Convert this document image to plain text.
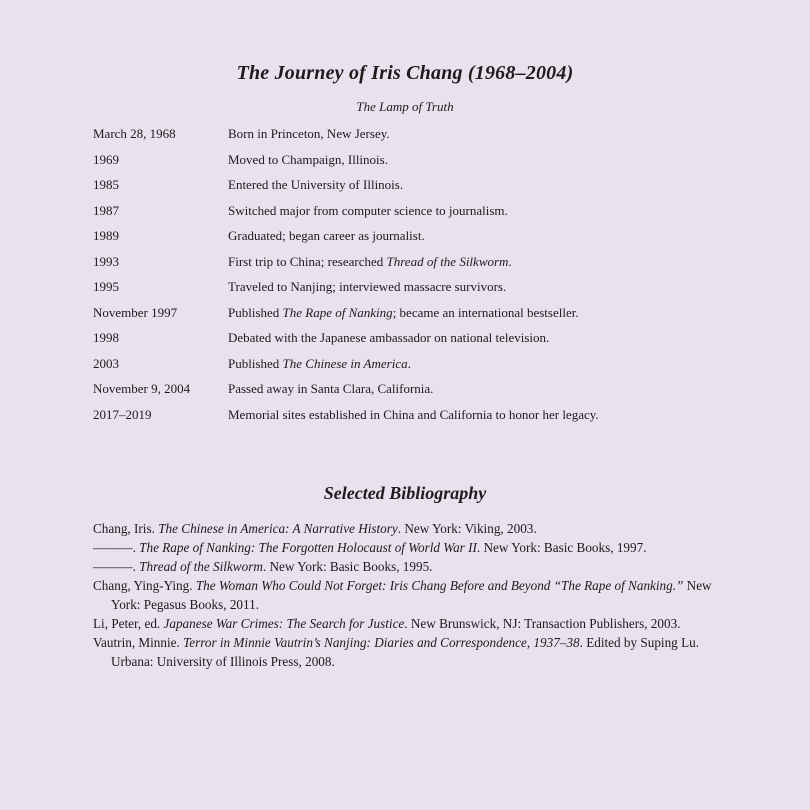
The Journey of Iris Chang (1968–2004)
The Lamp of Truth
March 28, 1968	Born in Princeton, New Jersey.
1969	Moved to Champaign, Illinois.
1985	Entered the University of Illinois.
1987	Switched major from computer science to journalism.
1989	Graduated; began career as journalist.
1993	First trip to China; researched Thread of the Silkworm.
1995	Traveled to Nanjing; interviewed massacre survivors.
November 1997	Published The Rape of Nanking; became an international bestseller.
1998	Debated with the Japanese ambassador on national television.
2003	Published The Chinese in America.
November 9, 2004	Passed away in Santa Clara, California.
2017–2019	Memorial sites established in China and California to honor her legacy.
Selected Bibliography
Chang, Iris. The Chinese in America: A Narrative History. New York: Viking, 2003.
———. The Rape of Nanking: The Forgotten Holocaust of World War II. New York: Basic Books, 1997.
———. Thread of the Silkworm. New York: Basic Books, 1995.
Chang, Ying-Ying. The Woman Who Could Not Forget: Iris Chang Before and Beyond “The Rape of Nanking.” New York: Pegasus Books, 2011.
Li, Peter, ed. Japanese War Crimes: The Search for Justice. New Brunswick, NJ: Transaction Publishers, 2003.
Vautrin, Minnie. Terror in Minnie Vautrin’s Nanjing: Diaries and Correspondence, 1937–38. Edited by Suping Lu. Urbana: University of Illinois Press, 2008.
